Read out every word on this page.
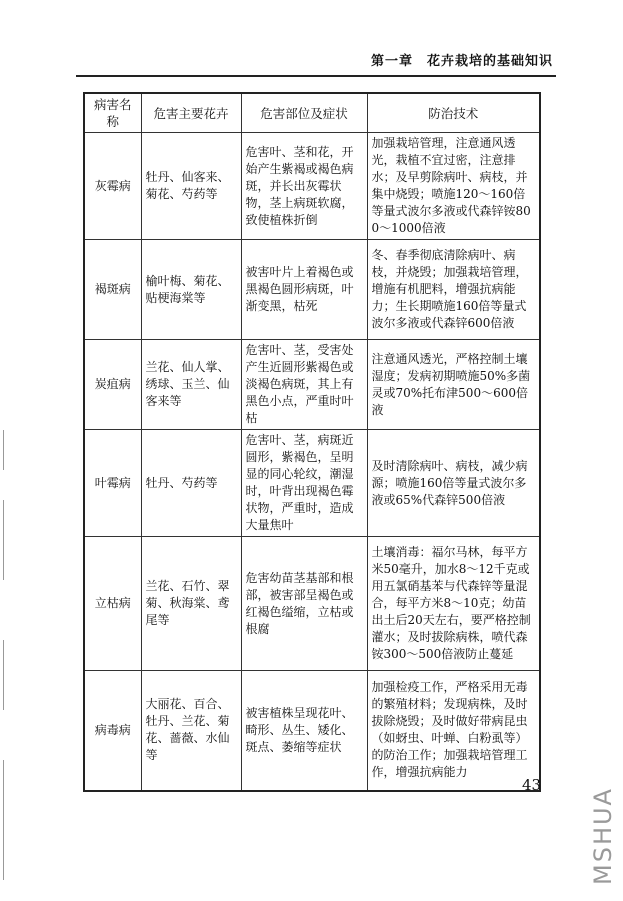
第一章　花卉栽培的基础知识
病害名称	危害主要花卉	危害部位及症状	防治技术
灰霉病	牡丹、仙客来、菊花、芍药等	危害叶、茎和花，开始产生紫褐或褐色病斑，并长出灰霉状物，茎上病斑软腐，致使植株折倒	加强栽培管理，注意通风透光，栽植不宜过密，注意排水；及早剪除病叶、病枝，并集中烧毁；喷施120～160倍等量式波尔多液或代森锌铵800～1000倍液
褐斑病	榆叶梅、菊花、贴梗海棠等	被害叶片上着褐色或黑褐色圆形病斑，叶渐变黑，枯死	冬、春季彻底清除病叶、病枝，并烧毁；加强栽培管理，增施有机肥料，增强抗病能力；生长期喷施160倍等量式波尔多液或代森锌600倍液
炭疽病	兰花、仙人掌、绣球、玉兰、仙客来等	危害叶、茎，受害处产生近圆形紫褐色或淡褐色病斑，其上有黑色小点，严重时叶枯	注意通风透光，严格控制土壤湿度；发病初期喷施50%多菌灵或70%托布津500～600倍液
叶霉病	牡丹、芍药等	危害叶、茎，病斑近圆形，紫褐色，呈明显的同心轮纹，潮湿时，叶背出现褐色霉状物，严重时，造成大量焦叶	及时清除病叶、病枝，减少病源；喷施160倍等量式波尔多液或65%代森锌500倍液
立枯病	兰花、石竹、翠菊、秋海棠、鸢尾等	危害幼苗茎基部和根部，被害部呈褐色或红褐色缢缩，立枯或根腐	土壤消毒：福尔马林，每平方米50毫升，加水8～12千克或用五氯硝基苯与代森锌等量混合，每平方米8～10克；幼苗出土后20天左右，要严格控制灌水；及时拔除病株，喷代森铵300～500倍液防止蔓延
病毒病	大丽花、百合、牡丹、兰花、菊花、蔷薇、水仙等	被害植株呈现花叶、畸形、丛生、矮化、斑点、萎缩等症状	加强检疫工作，严格采用无毒的繁殖材料；发现病株，及时拔除烧毁；及时做好带病昆虫（如蚜虫、叶蝉、白粉虱等）的防治工作；加强栽培管理工作，增强抗病能力
43
MSHUA
